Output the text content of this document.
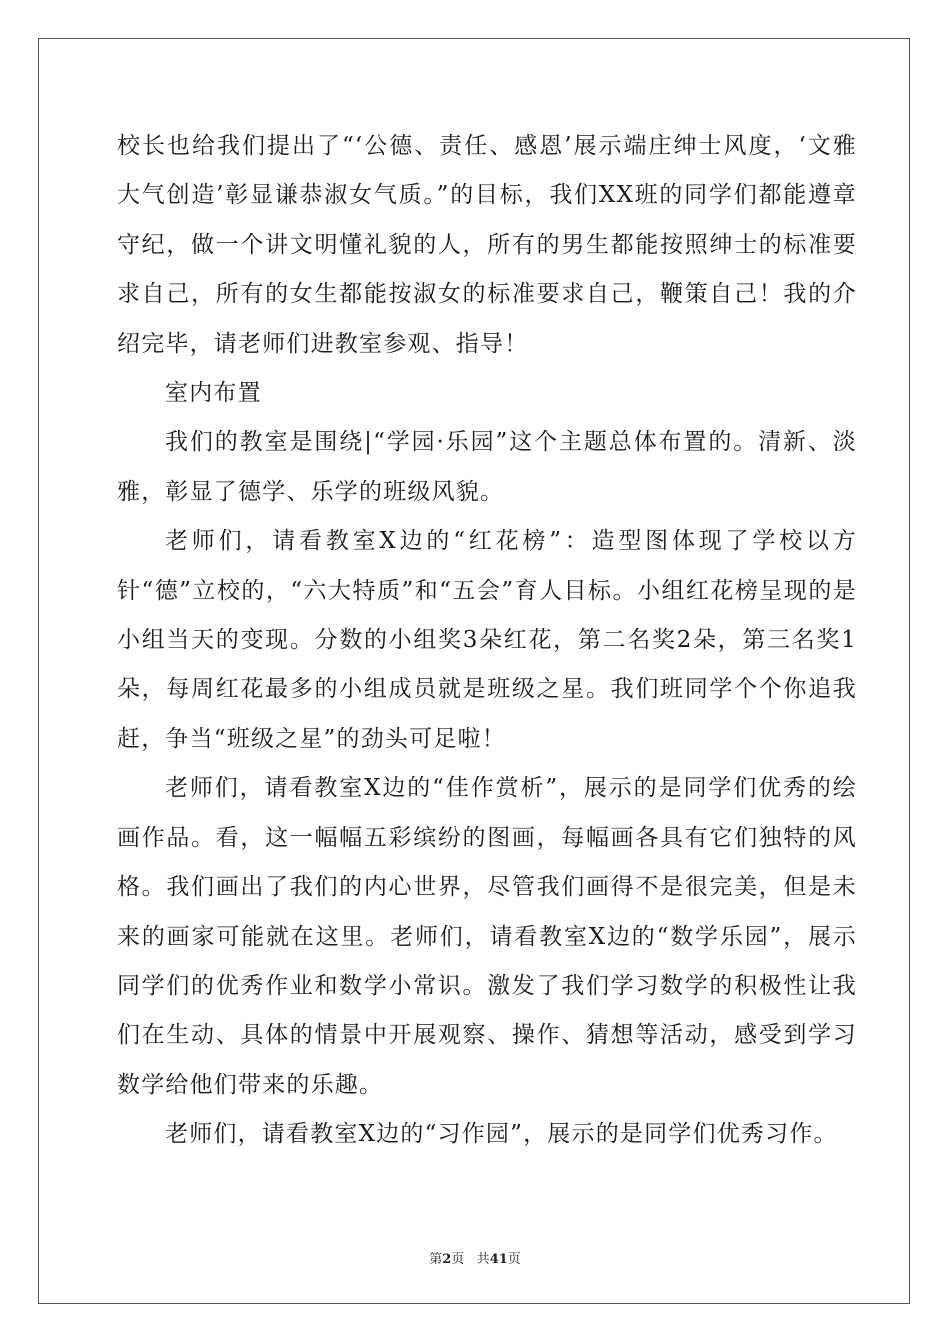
校长也给我们提出了“‘公德、责任、感恩’展示端庄绅士风度，‘文雅大气创造’彰显谦恭淑女气质。”的目标，我们XX班的同学们都能遵章守纪，做一个讲文明懂礼貌的人，所有的男生都能按照绅士的标准要求自己，所有的女生都能按淑女的标准要求自己，鞭策自己！我的介绍完毕，请老师们进教室参观、指导！

室内布置

我们的教室是围绕|“学园·乐园”这个主题总体布置的。清新、淡雅，彰显了德学、乐学的班级风貌。

老师们，请看教室X边的“红花榜”：造型图体现了学校以方针“德”立校的，“六大特质”和“五会”育人目标。小组红花榜呈现的是小组当天的变现。分数的小组奖3朵红花，第二名奖2朵，第三名奖1朵，每周红花最多的小组成员就是班级之星。我们班同学个个你追我赶，争当“班级之星”的劲头可足啦！

老师们，请看教室X边的“佳作赏析”，展示的是同学们优秀的绘画作品。看，这一幅幅五彩缤纷的图画，每幅画各具有它们独特的风格。我们画出了我们的内心世界，尽管我们画得不是很完美，但是未来的画家可能就在这里。老师们，请看教室X边的“数学乐园”，展示同学们的优秀作业和数学小常识。激发了我们学习数学的积极性让我们在生动、具体的情景中开展观察、操作、猜想等活动，感受到学习数学给他们带来的乐趣。

老师们，请看教室X边的“习作园”，展示的是同学们优秀习作。

第2页 共41页
